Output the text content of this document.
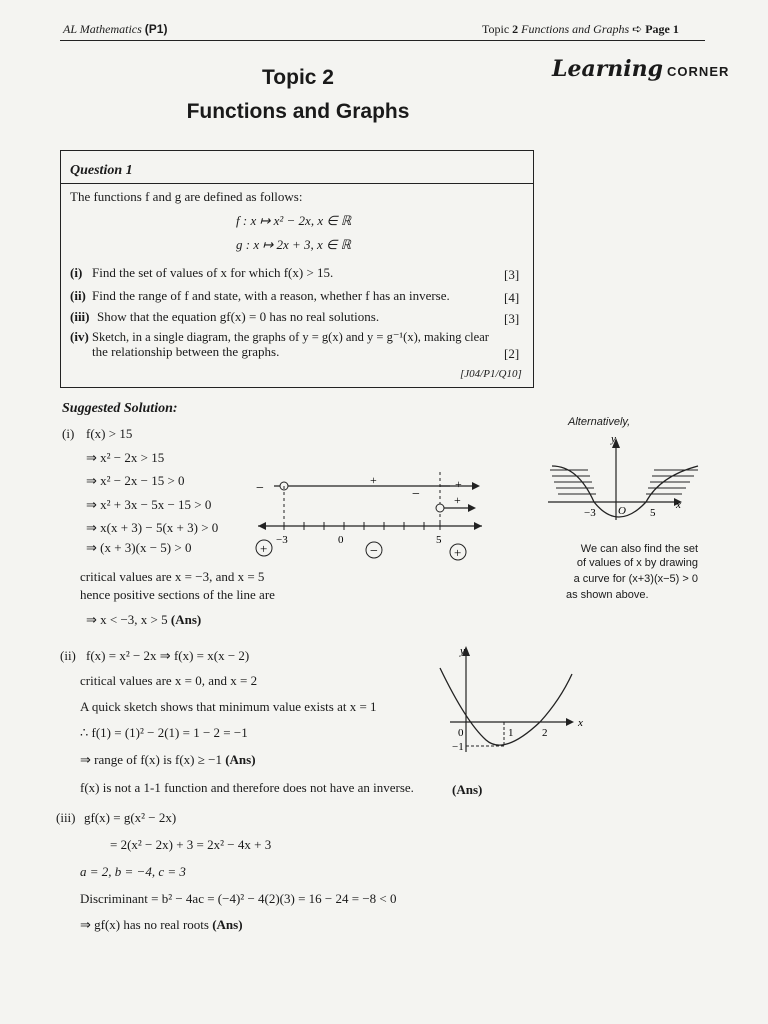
AL Mathematics (P1)	Topic 2 Functions and Graphs ➪ Page 1
Learning CORNER
Topic 2
Functions and Graphs
Question 1
The functions f and g are defined as follows:
f : x ↦ x² − 2x, x ∈ ℝ
g : x ↦ 2x + 3, x ∈ ℝ
(i) Find the set of values of x for which f(x) > 15.	[3]
(ii) Find the range of f and state, with a reason, whether f has an inverse.	[4]
(iii) Show that the equation gf(x) = 0 has no real solutions.	[3]
(iv) Sketch, in a single diagram, the graphs of y = g(x) and y = g⁻¹(x), making clear
the relationship between the graphs.	[2]
[J04/P1/Q10]
Suggested Solution:
(i) f(x) > 15
⇒ x² − 2x > 15
⇒ x² − 2x − 15 > 0
⇒ x² + 3x − 5x − 15 > 0
⇒ x(x + 3) − 5(x + 3) > 0
⇒ (x + 3)(x − 5) > 0
critical values are x = −3, and x = 5
hence positive sections of the line are
⇒ x < −3, x > 5 (Ans)
−
+	+
−	+
−3	0	5
+	−	+
Alternatively,
y
x
−3 O 5
We can also find the set
of values of x by drawing
a curve for (x+3)(x−5) > 0
as shown above.
(ii) f(x) = x² − 2x ⇒ f(x) = x(x − 2)
critical values are x = 0, and x = 2
A quick sketch shows that minimum value exists at x = 1
∴ f(1) = (1)² − 2(1) = 1 − 2 = −1
⇒ range of f(x) is f(x) ≥ −1 (Ans)
f(x) is not a 1-1 function and therefore does not have an inverse.	(Ans)
y
x
0	1	2
−1
(iii) gf(x) = g(x² − 2x)
= 2(x² − 2x) + 3 = 2x² − 4x + 3
a = 2, b = −4, c = 3
Discriminant = b² − 4ac = (−4)² − 4(2)(3) = 16 − 24 = −8 < 0
⇒ gf(x) has no real roots (Ans)
